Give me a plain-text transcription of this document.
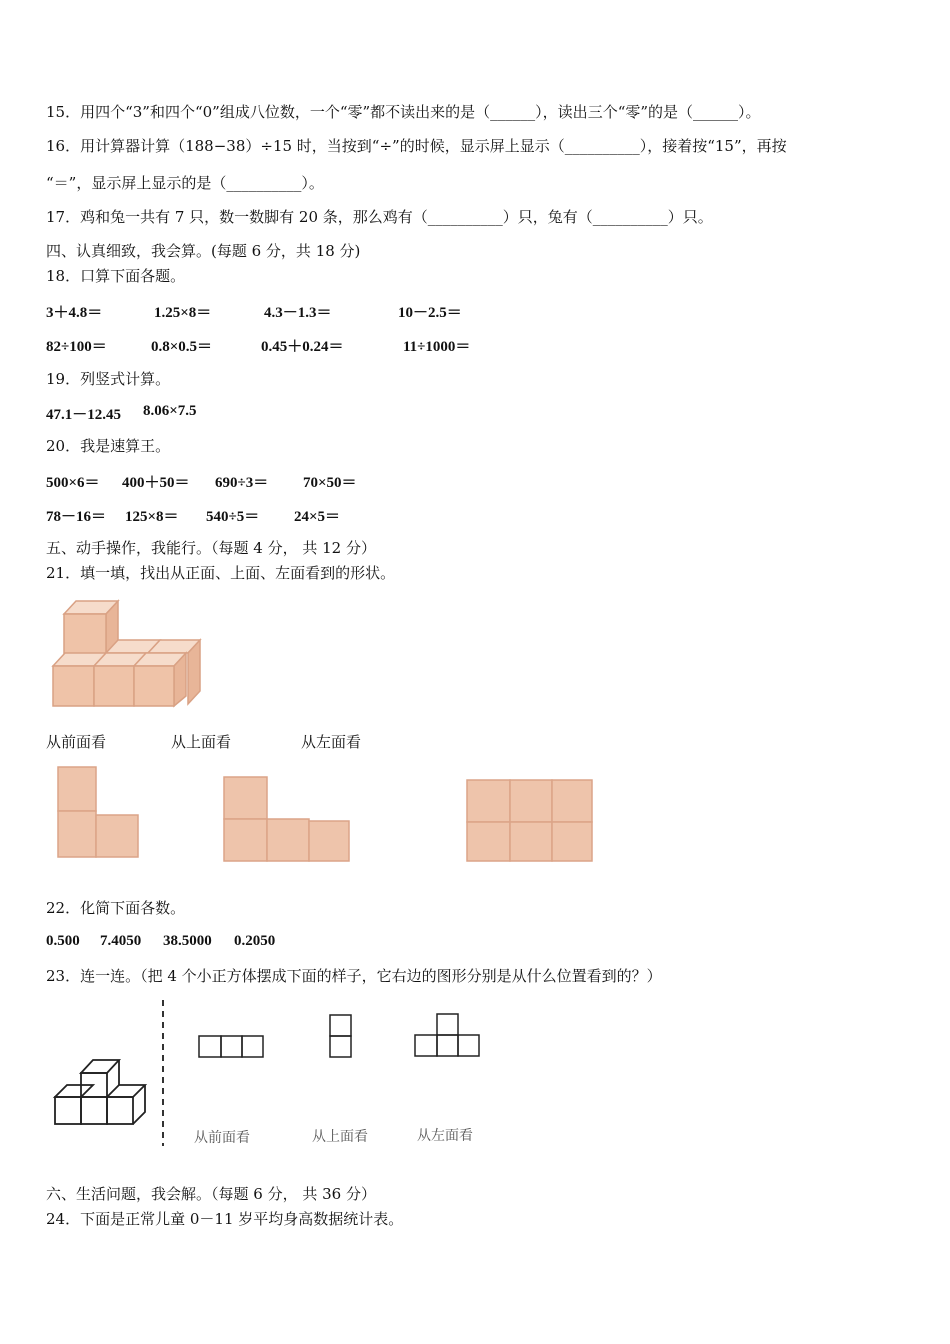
15．用四个“3”和四个“0”组成八位数，一个“零”都不读出来的是（______），读出三个“零”的是（______）。
16．用计算器计算（188−38）÷15 时，当按到“÷”的时候，显示屏上显示（__________），接着按“15”，再按
“＝”，显示屏上显示的是（__________）。
17．鸡和兔一共有 7 只，数一数脚有 20 条，那么鸡有（__________）只，兔有（__________）只。
四、认真细致，我会算。(每题 6 分，共 18 分)
18．口算下面各题。
3＋4.8＝	1.25×8＝	4.3－1.3＝	10－2.5＝
82÷100＝	0.8×0.5＝	0.45＋0.24＝	11÷1000＝
19．列竖式计算。
47.1－12.45 8.06×7.5
20．我是速算王。
500×6＝ 400＋50＝ 690÷3＝ 70×50＝
78－16＝ 125×8＝ 540÷5＝ 24×5＝
五、动手操作，我能行。（每题 4 分， 共 12 分）
21．填一填，找出从正面、上面、左面看到的形状。
从前面看	从上面看	从左面看
22．化简下面各数。
0.500 7.4050 38.5000 0.2050
23．连一连。（把 4 个小正方体摆成下面的样子，它右边的图形分别是从什么位置看到的？）
从前面看	从上面看	从左面看
六、生活问题，我会解。（每题 6 分， 共 36 分）
24．下面是正常儿童 0－11 岁平均身高数据统计表。
